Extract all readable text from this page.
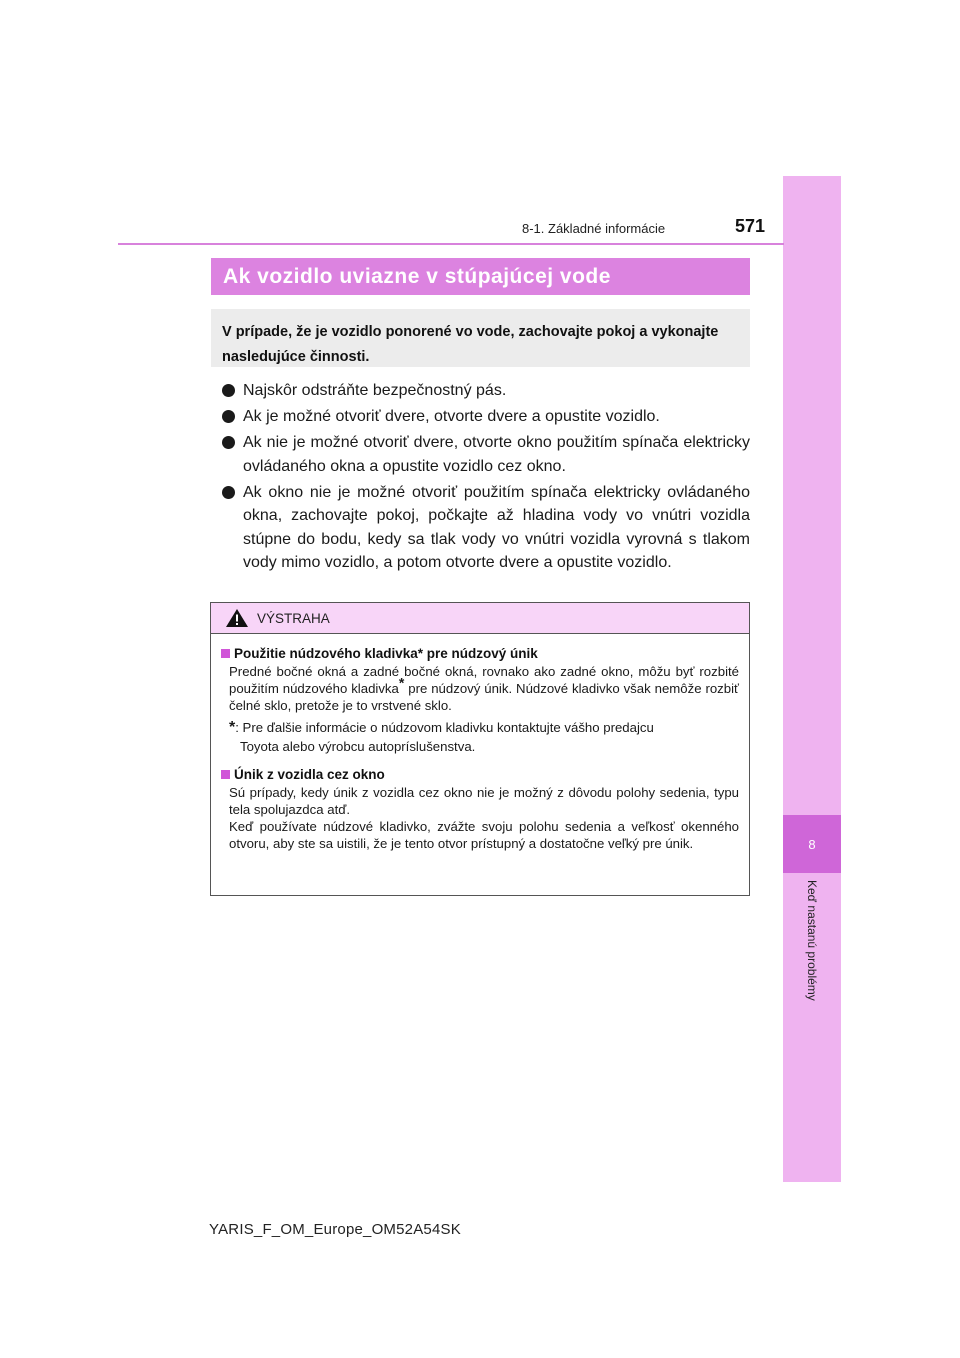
8
Keď nastanú problémy
8-1. Základné informácie	571
Ak vozidlo uviazne v stúpajúcej vode
V prípade, že je vozidlo ponorené vo vode, zachovajte pokoj a vykonajte nasledujúce činnosti.
Najskôr odstráňte bezpečnostný pás.
Ak je možné otvoriť dvere, otvorte dvere a opustite vozidlo.
Ak nie je možné otvoriť dvere, otvorte okno použitím spínača elektricky ovládaného okna a opustite vozidlo cez okno.
Ak okno nie je možné otvoriť použitím spínača elektricky ovládaného okna, zachovajte pokoj, počkajte až hladina vody vo vnútri vozidla stúpne do bodu, kedy sa tlak vody vo vnútri vozidla vyrovná s tlakom vody mimo vozidlo, a potom otvorte dvere a opustite vozidlo.
VÝSTRAHA
Použitie núdzového kladivka* pre núdzový únik

Predné bočné okná a zadné bočné okná, rovnako ako zadné okno, môžu byť rozbité použitím núdzového kladivka* pre núdzový únik. Núdzové kladivko však nemôže rozbiť čelné sklo, pretože je to vrstvené sklo.

*: Pre ďalšie informácie o núdzovom kladivku kontaktujte vášho predajcu
Toyota alebo výrobcu autopríslušenstva.
Únik z vozidla cez okno

Sú prípady, kedy únik z vozidla cez okno nie je možný z dôvodu polohy sedenia, typu tela spolujazdca atď.

Keď používate núdzové kladivko, zvážte svoju polohu sedenia a veľkosť okenného otvoru, aby ste sa uistili, že je tento otvor prístupný a dostatočne veľký pre únik.

YARIS_F_OM_Europe_OM52A54SK
